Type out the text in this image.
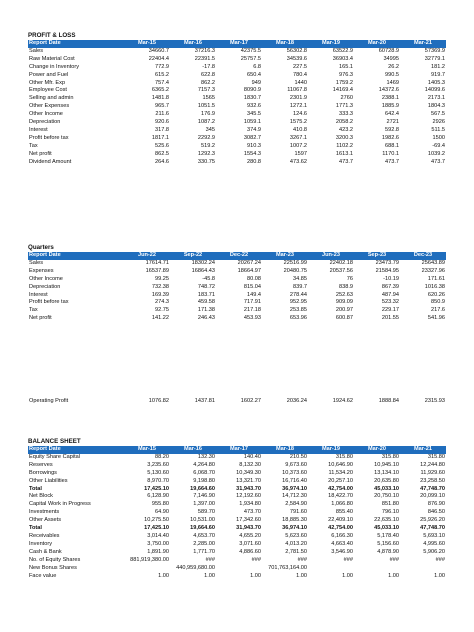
PROFIT & LOSS
Report Date	Mar-15	Mar-16	Mar-17	Mar-18	Mar-19	Mar-20	Mar-21
Sales	34660.7	37216.3	42375.5	56302.8	63522.9	60728.9	57369.9
Raw Material Cost	22404.4	22391.5	25757.5	34539.6	36903.4	34995	32779.1
Change in Inventory	772.9	-17.8	6.8	227.5	165.1	26.2	181.2
Power and Fuel	615.2	622.8	650.4	780.4	976.3	990.5	919.7
Other Mfr. Exp	757.4	862.2	949	1440	1759.2	1469	1405.3
Employee Cost	6365.2	7157.3	8090.9	11067.8	14169.4	14372.6	14099.6
Selling and admin	1481.8	1565	1830.7	2301.9	2760	2388.1	2173.1
Other Expenses	965.7	1051.5	932.6	1272.1	1771.3	1885.9	1804.3
Other Income	211.6	176.9	345.5	124.6	333.3	642.4	567.5
Depreciation	920.6	1087.2	1059.1	1575.2	2058.2	2721	2926
Interest	317.8	345	374.9	410.8	423.2	592.8	511.5
Profit before tax	1817.1	2292.9	3082.7	3267.1	3200.3	1982.6	1500
Tax	525.6	519.2	910.3	1007.2	1102.2	688.1	-69.4
Net profit	862.5	1292.3	1554.3	1597	1613.1	1170.1	1039.2
Dividend Amount	264.6	330.75	280.8	473.62	473.7	473.7	473.7
Quarters
Report Date	Jun-22	Sep-22	Dec-22	Mar-23	Jun-23	Sep-23	Dec-23
Sales	17614.71	18302.24	20267.24	22516.99	22402.18	23473.79	25643.89
Expenses	16537.89	16864.43	18664.97	20480.75	20537.56	21584.95	23327.96
Other Income	99.25	-45.8	80.08	34.85	76	-10.19	171.61
Depreciation	732.38	748.72	815.04	839.7	838.9	867.39	1016.38
Interest	169.39	183.71	149.4	278.44	252.63	487.94	620.26
Profit before tax	274.3	459.58	717.91	952.95	909.09	523.32	850.9
Tax	92.75	171.38	217.18	253.85	200.97	229.17	217.6
Net profit	141.22	246.43	453.93	653.96	600.87	201.55	541.96
Operating Profit	1076.82	1437.81	1602.27	2036.24	1924.62	1888.84	2315.93
BALANCE SHEET
Report Date	Mar-15	Mar-16	Mar-17	Mar-18	Mar-19	Mar-20	Mar-21
Equity Share Capital	88.20	132.30	140.40	210.50	315.80	315.80	315.80
Reserves	3,235.60	4,264.80	8,132.30	9,673.60	10,646.90	10,945.10	12,244.80
Borrowings	5,130.60	6,068.70	10,349.30	10,373.60	11,534.20	13,134.10	11,929.60
Other Liabilities	8,970.70	9,198.80	13,321.70	16,716.40	20,257.10	20,635.80	23,258.50
Total	17,425.10	19,664.60	31,943.70	36,974.10	42,754.00	45,033.10	47,748.70
Net Block	6,128.90	7,146.90	12,192.60	14,712.30	18,422.70	20,750.10	20,099.10
Capital Work in Progress	955.80	1,397.00	1,934.80	2,584.90	1,066.80	851.80	876.90
Investments	64.90	589.70	473.70	791.60	855.40	796.10	846.50
Other Assets	10,275.50	10,531.00	17,342.60	18,885.30	22,409.10	22,635.10	25,926.20
Total	17,425.10	19,664.60	31,943.70	36,974.10	42,754.00	45,033.10	47,748.70
Receivables	3,014.40	4,653.70	4,655.20	5,623.60	6,166.30	5,178.40	5,693.10
Inventory	3,750.00	2,285.00	3,071.60	4,013.20	4,663.40	5,156.60	4,995.60
Cash & Bank	1,891.90	1,771.70	4,886.60	2,781.50	3,546.90	4,878.90	5,906.20
No. of Equity Shares	881,919,380.00	###	###	###	###	###	###
New Bonus Shares		440,959,680.00		701,763,164.00			
Face value	1.00	1.00	1.00	1.00	1.00	1.00	1.00
